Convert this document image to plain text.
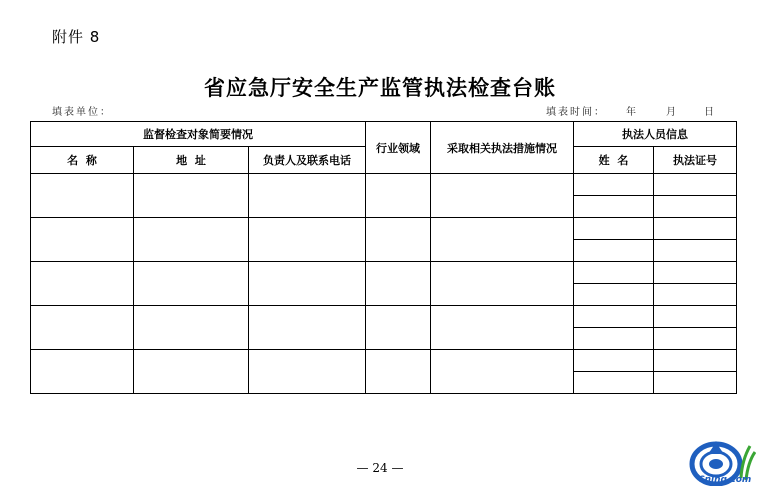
附件 8
省应急厅安全生产监管执法检查台账
填表单位：	填表时间：	年	月	日
监督检查对象简要情况			行业领域	采取相关执法措施情况	执法人员信息	
名  称	地  址	负责人及联系电话			姓  名	执法证号

— 24 —
Cnlng.com
